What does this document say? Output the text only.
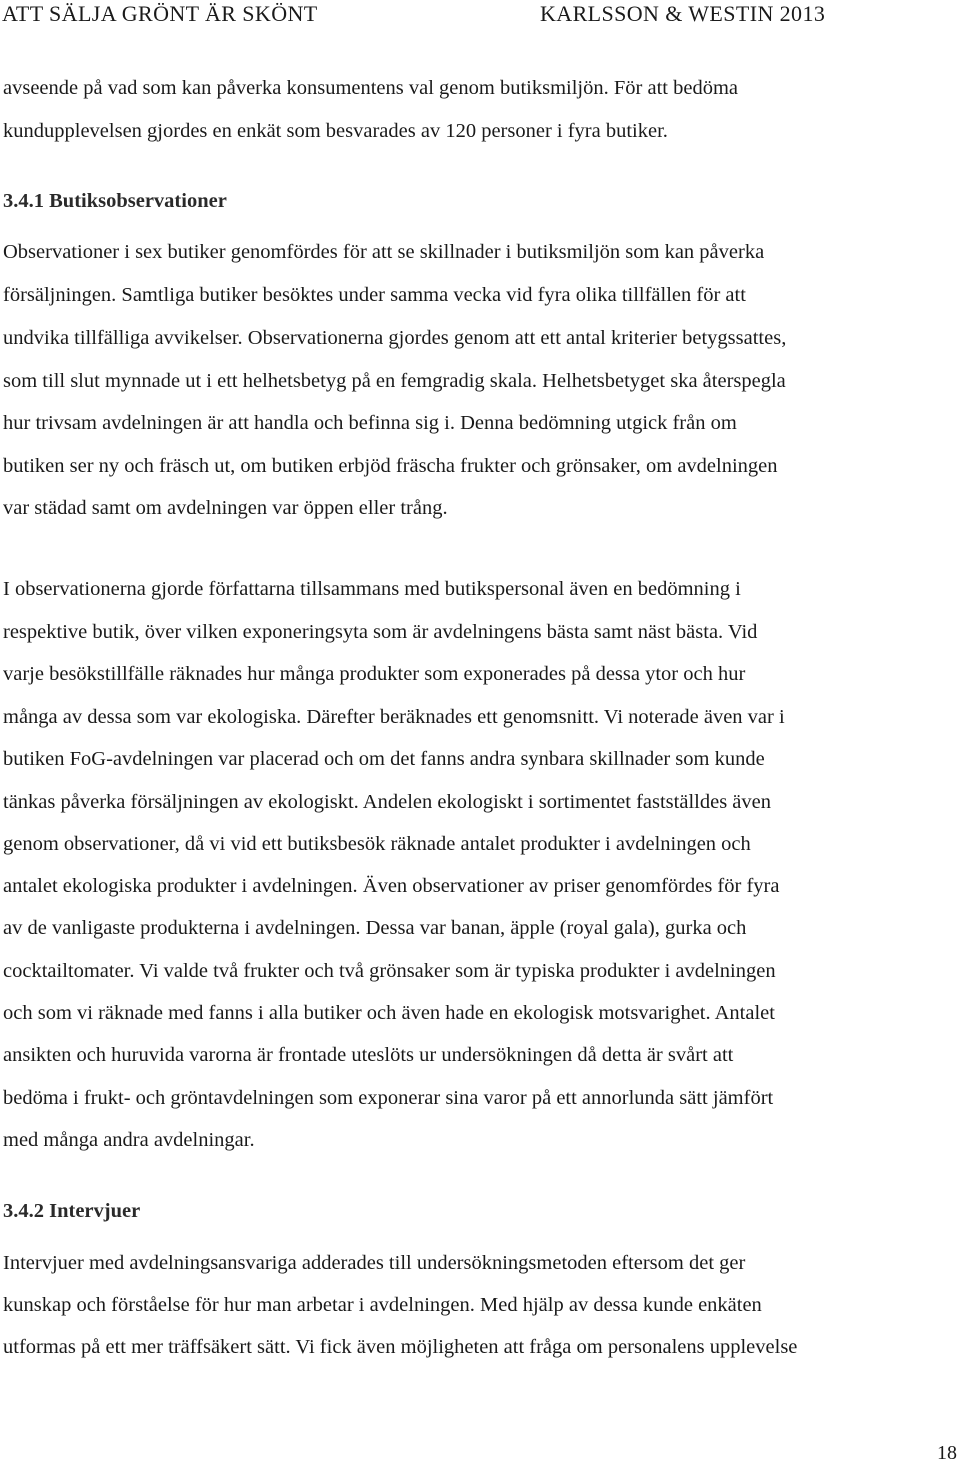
ATT SÄLJA GRÖNT ÄR SKÖNT	KARLSSON & WESTIN 2013
avseende på vad som kan påverka konsumentens val genom butiksmiljön. För att bedöma
kundupplevelsen gjordes en enkät som besvarades av 120 personer i fyra butiker.
3.4.1 Butiksobservationer
Observationer i sex butiker genomfördes för att se skillnader i butiksmiljön som kan påverka
försäljningen. Samtliga butiker besöktes under samma vecka vid fyra olika tillfällen för att
undvika tillfälliga avvikelser. Observationerna gjordes genom att ett antal kriterier betygssattes,
som till slut mynnade ut i ett helhetsbetyg på en femgradig skala. Helhetsbetyget ska återspegla
hur trivsam avdelningen är att handla och befinna sig i. Denna bedömning utgick från om
butiken ser ny och fräsch ut, om butiken erbjöd fräscha frukter och grönsaker, om avdelningen
var städad samt om avdelningen var öppen eller trång.
I observationerna gjorde författarna tillsammans med butikspersonal även en bedömning i
respektive butik, över vilken exponeringsyta som är avdelningens bästa samt näst bästa. Vid
varje besökstillfälle räknades hur många produkter som exponerades på dessa ytor och hur
många av dessa som var ekologiska. Därefter beräknades ett genomsnitt. Vi noterade även var i
butiken FoG-avdelningen var placerad och om det fanns andra synbara skillnader som kunde
tänkas påverka försäljningen av ekologiskt. Andelen ekologiskt i sortimentet fastställdes även
genom observationer, då vi vid ett butiksbesök räknade antalet produkter i avdelningen och
antalet ekologiska produkter i avdelningen. Även observationer av priser genomfördes för fyra
av de vanligaste produkterna i avdelningen. Dessa var banan, äpple (royal gala), gurka och
cocktailtomater. Vi valde två frukter och två grönsaker som är typiska produkter i avdelningen
och som vi räknade med fanns i alla butiker och även hade en ekologisk motsvarighet. Antalet
ansikten och huruvida varorna är frontade uteslöts ur undersökningen då detta är svårt att
bedöma i frukt- och gröntavdelningen som exponerar sina varor på ett annorlunda sätt jämfört
med många andra avdelningar.
3.4.2 Intervjuer
Intervjuer med avdelningsansvariga adderades till undersökningsmetoden eftersom det ger
kunskap och förståelse för hur man arbetar i avdelningen. Med hjälp av dessa kunde enkäten
utformas på ett mer träffsäkert sätt. Vi fick även möjligheten att fråga om personalens upplevelse
18
